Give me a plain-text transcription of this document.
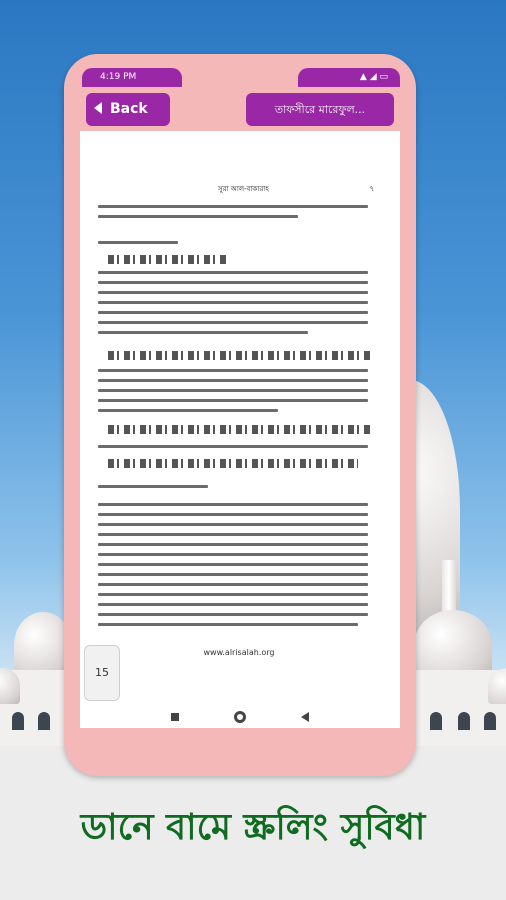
4:19 PM	▲ ◢ ▭
Back	তাফসীরে মারেফুল...
সুরা আল-বাকারাহ	৭
www.alrisalah.org
15
ডানে বামে স্ক্রলিং সুবিধা
